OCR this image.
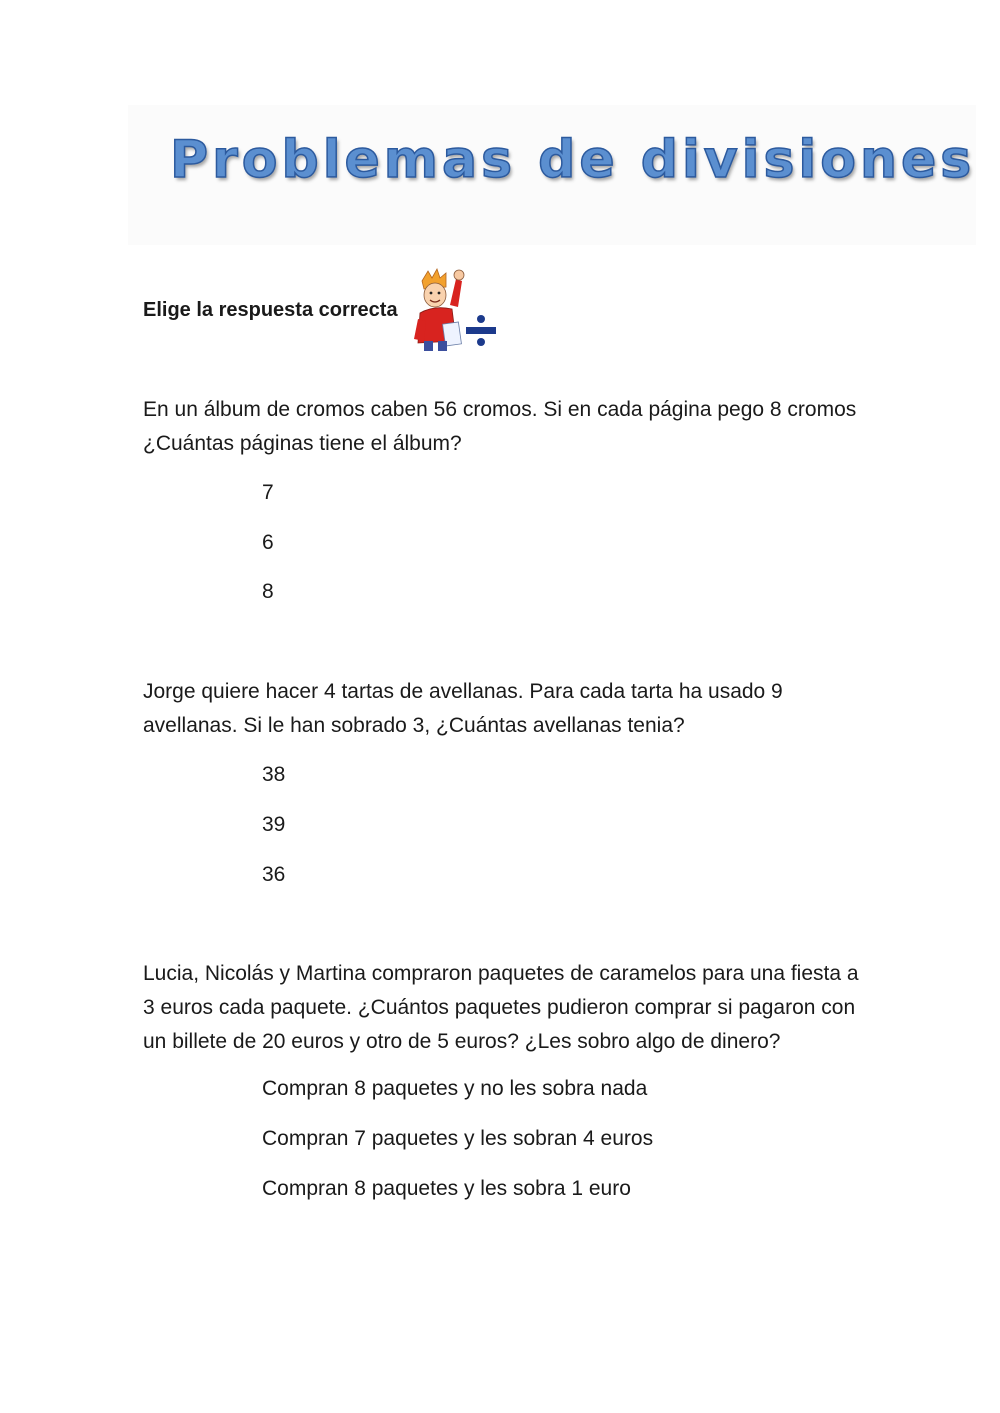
Problemas de divisiones
Elige la respuesta correcta
En un álbum de cromos caben 56 cromos. Si en cada página pego 8 cromos ¿Cuántas páginas tiene el álbum?
7
6
8
Jorge quiere hacer 4 tartas de avellanas. Para cada tarta ha usado 9 avellanas. Si le han sobrado 3, ¿Cuántas avellanas tenia?
38
39
36
Lucia, Nicolás y Martina compraron paquetes de caramelos para una fiesta a 3 euros cada paquete. ¿Cuántos paquetes pudieron comprar si pagaron con un billete de 20 euros y otro de 5 euros? ¿Les sobro algo de dinero?
Compran 8 paquetes y no les sobra nada
Compran 7 paquetes y les sobran 4 euros
Compran 8 paquetes y les sobra 1 euro
